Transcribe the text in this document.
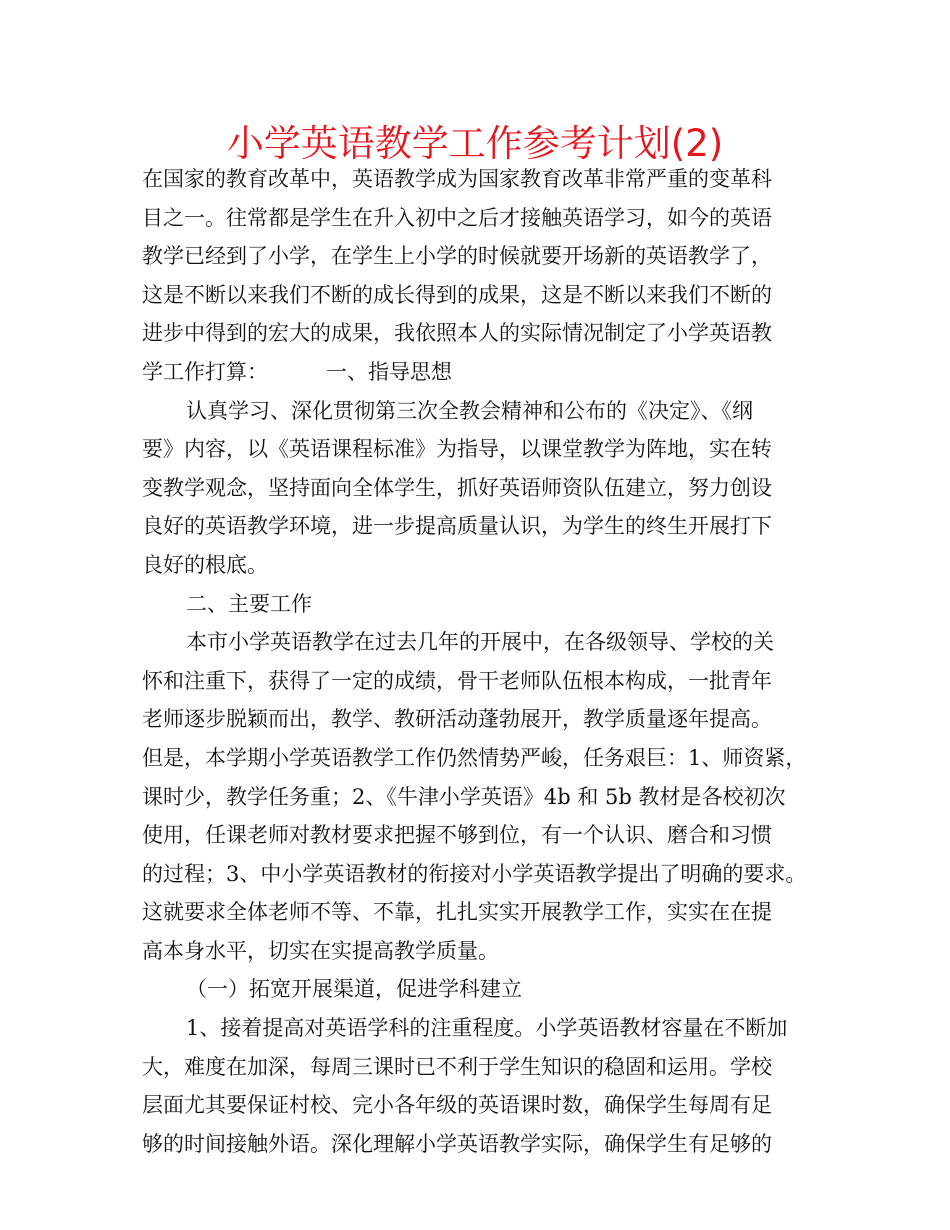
小学英语教学工作参考计划(2)
在国家的教育改革中，英语教学成为国家教育改革非常严重的变革科
目之一。往常都是学生在升入初中之后才接触英语学习，如今的英语
教学已经到了小学，在学生上小学的时候就要开场新的英语教学了，
这是不断以来我们不断的成长得到的成果，这是不断以来我们不断的
进步中得到的宏大的成果，我依照本人的实际情况制定了小学英语教
学工作打算：	一、指导思想
认真学习、深化贯彻第三次全教会精神和公布的《决定》、《纲
要》内容，以《英语课程标准》为指导，以课堂教学为阵地，实在转
变教学观念，坚持面向全体学生，抓好英语师资队伍建立，努力创设
良好的英语教学环境，进一步提高质量认识，为学生的终生开展打下
良好的根底。
二、主要工作
本市小学英语教学在过去几年的开展中，在各级领导、学校的关
怀和注重下，获得了一定的成绩，骨干老师队伍根本构成，一批青年
老师逐步脱颖而出，教学、教研活动蓬勃展开，教学质量逐年提高。
但是，本学期小学英语教学工作仍然情势严峻，任务艰巨：1、师资紧，
课时少，教学任务重；2、《牛津小学英语》4b 和 5b 教材是各校初次
使用，任课老师对教材要求把握不够到位，有一个认识、磨合和习惯
的过程；3、中小学英语教材的衔接对小学英语教学提出了明确的要求。
这就要求全体老师不等、不靠，扎扎实实开展教学工作，实实在在提
高本身水平，切实在实提高教学质量。
（一）拓宽开展渠道，促进学科建立
1、接着提高对英语学科的注重程度。小学英语教材容量在不断加
大，难度在加深，每周三课时已不利于学生知识的稳固和运用。学校
层面尤其要保证村校、完小各年级的英语课时数，确保学生每周有足
够的时间接触外语。深化理解小学英语教学实际，确保学生有足够的
